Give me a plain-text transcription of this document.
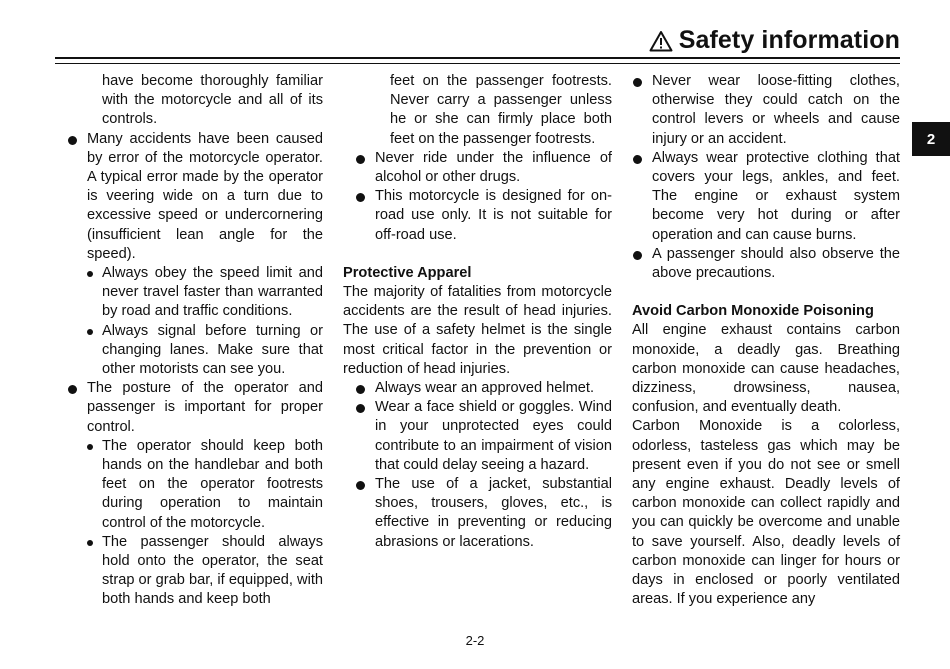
Safety information
2

have become thoroughly familiar with the motorcycle and all of its controls.

Many accidents have been caused by error of the motorcycle operator. A typical error made by the operator is veering wide on a turn due to excessive speed or undercornering (insufficient lean angle for the speed).

Always obey the speed limit and never travel faster than warranted by road and traffic conditions.

Always signal before turning or changing lanes. Make sure that other motorists can see you.

The posture of the operator and passenger is important for proper control.

The operator should keep both hands on the handlebar and both feet on the operator footrests during operation to maintain control of the motorcycle.

The passenger should always hold onto the operator, the seat strap or grab bar, if equipped, with both hands and keep both

feet on the passenger footrests. Never carry a passenger unless he or she can firmly place both feet on the passenger footrests.

Never ride under the influence of alcohol or other drugs.

This motorcycle is designed for on-road use only. It is not suitable for off-road use.

Protective Apparel

The majority of fatalities from motorcycle accidents are the result of head injuries. The use of a safety helmet is the single most critical factor in the prevention or reduction of head injuries.

Always wear an approved helmet.

Wear a face shield or goggles. Wind in your unprotected eyes could contribute to an impairment of vision that could delay seeing a hazard.

The use of a jacket, substantial shoes, trousers, gloves, etc., is effective in preventing or reducing abrasions or lacerations.

Never wear loose-fitting clothes, otherwise they could catch on the control levers or wheels and cause injury or an accident.

Always wear protective clothing that covers your legs, ankles, and feet. The engine or exhaust system become very hot during or after operation and can cause burns.

A passenger should also observe the above precautions.

Avoid Carbon Monoxide Poisoning

All engine exhaust contains carbon monoxide, a deadly gas. Breathing carbon monoxide can cause headaches, dizziness, drowsiness, nausea, confusion, and eventually death.

Carbon Monoxide is a colorless, odorless, tasteless gas which may be present even if you do not see or smell any engine exhaust. Deadly levels of carbon monoxide can collect rapidly and you can quickly be overcome and unable to save yourself. Also, deadly levels of carbon monoxide can linger for hours or days in enclosed or poorly ventilated areas. If you experience any

2-2
